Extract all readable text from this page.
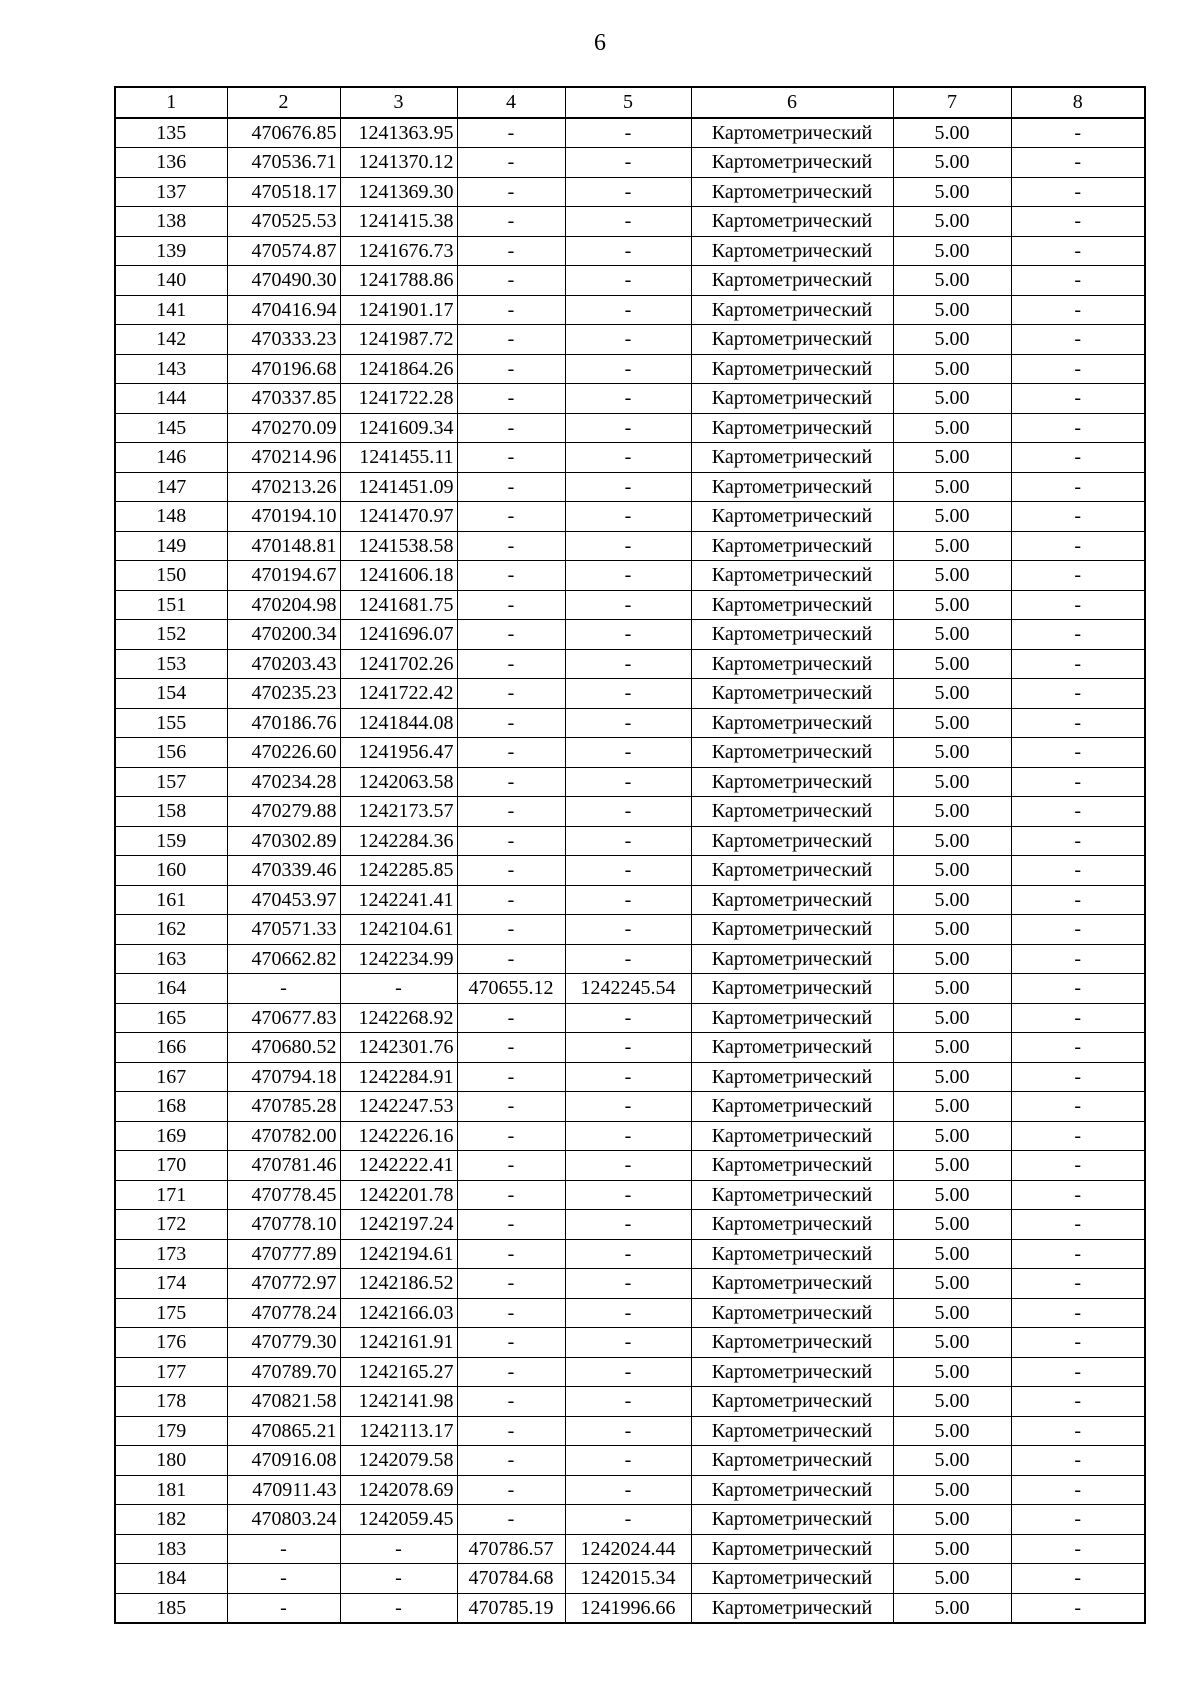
6
1	2	3	4	5	6	7	8
135	470676.85	1241363.95	-	-	Картометрический	5.00	-
136	470536.71	1241370.12	-	-	Картометрический	5.00	-
137	470518.17	1241369.30	-	-	Картометрический	5.00	-
138	470525.53	1241415.38	-	-	Картометрический	5.00	-
139	470574.87	1241676.73	-	-	Картометрический	5.00	-
140	470490.30	1241788.86	-	-	Картометрический	5.00	-
141	470416.94	1241901.17	-	-	Картометрический	5.00	-
142	470333.23	1241987.72	-	-	Картометрический	5.00	-
143	470196.68	1241864.26	-	-	Картометрический	5.00	-
144	470337.85	1241722.28	-	-	Картометрический	5.00	-
145	470270.09	1241609.34	-	-	Картометрический	5.00	-
146	470214.96	1241455.11	-	-	Картометрический	5.00	-
147	470213.26	1241451.09	-	-	Картометрический	5.00	-
148	470194.10	1241470.97	-	-	Картометрический	5.00	-
149	470148.81	1241538.58	-	-	Картометрический	5.00	-
150	470194.67	1241606.18	-	-	Картометрический	5.00	-
151	470204.98	1241681.75	-	-	Картометрический	5.00	-
152	470200.34	1241696.07	-	-	Картометрический	5.00	-
153	470203.43	1241702.26	-	-	Картометрический	5.00	-
154	470235.23	1241722.42	-	-	Картометрический	5.00	-
155	470186.76	1241844.08	-	-	Картометрический	5.00	-
156	470226.60	1241956.47	-	-	Картометрический	5.00	-
157	470234.28	1242063.58	-	-	Картометрический	5.00	-
158	470279.88	1242173.57	-	-	Картометрический	5.00	-
159	470302.89	1242284.36	-	-	Картометрический	5.00	-
160	470339.46	1242285.85	-	-	Картометрический	5.00	-
161	470453.97	1242241.41	-	-	Картометрический	5.00	-
162	470571.33	1242104.61	-	-	Картометрический	5.00	-
163	470662.82	1242234.99	-	-	Картометрический	5.00	-
164	-	-	470655.12	1242245.54	Картометрический	5.00	-
165	470677.83	1242268.92	-	-	Картометрический	5.00	-
166	470680.52	1242301.76	-	-	Картометрический	5.00	-
167	470794.18	1242284.91	-	-	Картометрический	5.00	-
168	470785.28	1242247.53	-	-	Картометрический	5.00	-
169	470782.00	1242226.16	-	-	Картометрический	5.00	-
170	470781.46	1242222.41	-	-	Картометрический	5.00	-
171	470778.45	1242201.78	-	-	Картометрический	5.00	-
172	470778.10	1242197.24	-	-	Картометрический	5.00	-
173	470777.89	1242194.61	-	-	Картометрический	5.00	-
174	470772.97	1242186.52	-	-	Картометрический	5.00	-
175	470778.24	1242166.03	-	-	Картометрический	5.00	-
176	470779.30	1242161.91	-	-	Картометрический	5.00	-
177	470789.70	1242165.27	-	-	Картометрический	5.00	-
178	470821.58	1242141.98	-	-	Картометрический	5.00	-
179	470865.21	1242113.17	-	-	Картометрический	5.00	-
180	470916.08	1242079.58	-	-	Картометрический	5.00	-
181	470911.43	1242078.69	-	-	Картометрический	5.00	-
182	470803.24	1242059.45	-	-	Картометрический	5.00	-
183	-	-	470786.57	1242024.44	Картометрический	5.00	-
184	-	-	470784.68	1242015.34	Картометрический	5.00	-
185	-	-	470785.19	1241996.66	Картометрический	5.00	-
